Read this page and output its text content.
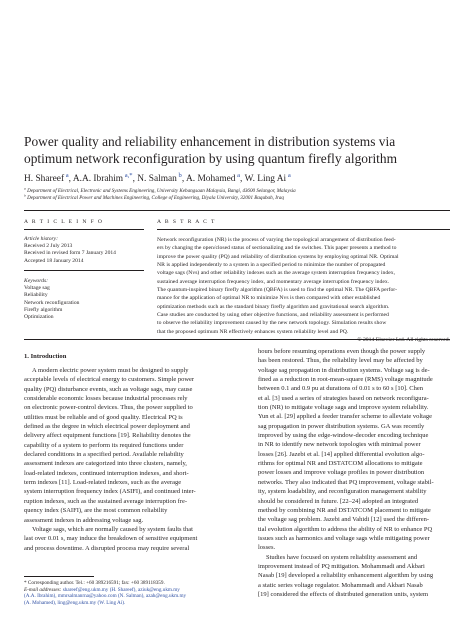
Power quality and reliability enhancement in distribution systems via
optimum network reconfiguration by using quantum firefly algorithm
H. Shareef $^a$, A.A. Ibrahim $^{a,*}$, N. Salman $^b$, A. Mohamed $^a$, W. Ling Ai $^a$
$^a$ Department of Electrical, Electronic and Systems Engineering, University Kebangsaan Malaysia, Bangi, 43600 Selangor, Malaysia
$^b$ Department of Electrical Power and Machines Engineering, College of Engineering, Diyala University, 32001 Baqubah, Iraq
A R T I C L E I N F O	A B S T R A C T
Article history:
Received 2 July 2013
Received in revised form 7 January 2014
Accepted 18 January 2014
Keywords:
Voltage sag
Reliability
Network reconfiguration
Firefly algorithm
Optimization
Network reconfiguration (NR) is the process of varying the topological arrangement of distribution feed-
ers by changing the open/closed status of sectionalizing and tie switches. This paper presents a method to
improve the power quality (PQ) and reliability of distribution systems by employing optimal NR. Optimal
NR is applied independently to a system in a specified period to minimize the number of propagated
voltage sags (Nvs) and other reliability indexes such as the average system interruption frequency index,
sustained average interruption frequency index, and momentary average interruption frequency index.
The quantum-inspired binary firefly algorithm (QBFA) is used to find the optimal NR. The QBFA perfor-
mance for the application of optimal NR to minimize Nvs is then compared with other established
optimization methods such as the standard binary firefly algorithm and gravitational search algorithm.
Case studies are conducted by using other objective functions, and reliability assessment is performed
to observe the reliability improvement caused by the new network topology. Simulation results show
that the proposed optimum NR effectively enhances system reliability level and PQ.
© 2014 Elsevier Ltd. All rights reserved.
1. Introduction
A modern electric power system must be designed to supply
acceptable levels of electrical energy to customers. Simple power
quality (PQ) disturbance events, such as voltage sags, may cause
considerable economic losses because industrial processes rely
on electronic power-control devices. Thus, the power supplied to
utilities must be reliable and of good quality. Electrical PQ is
defined as the degree in which electrical power deployment and
delivery affect equipment functions [19]. Reliability denotes the
capability of a system to perform its required functions under
declared conditions in a specified period. Available reliability
assessment indexes are categorized into three clusters, namely,
load-related indexes, continued interruption indexes, and short-
term indexes [11]. Load-related indexes, such as the average
system interruption frequency index (ASIFI), and continued inter-
ruption indexes, such as the sustained average interruption fre-
quency index (SAIFI), are the most common reliability
assessment indexes in addressing voltage sag.
Voltage sags, which are normally caused by system faults that
last over 0.01 s, may induce the breakdown of sensitive equipment
and process downtime. A disrupted process may require several
hours before resuming operations even though the power supply
has been restored. Thus, the reliability level may be affected by
voltage sag propagation in distribution systems. Voltage sag is de-
fined as a reduction in root-mean-square (RMS) voltage magnitude
between 0.1 and 0.9 pu at durations of 0.01 s to 60 s [10]. Chen
et al. [3] used a series of strategies based on network reconfigura-
tion (NR) to mitigate voltage sags and improve system reliability.
Yun et al. [29] applied a feeder transfer scheme to alleviate voltage
sag propagation in power distribution systems. GA was recently
improved by using the edge-window-decoder encoding technique
in NR to identify new network topologies with minimal power
losses [26]. Jazebi et al. [14] applied differential evolution algo-
rithms for optimal NR and DSTATCOM allocations to mitigate
power losses and improve voltage profiles in power distribution
networks. They also indicated that PQ improvement, voltage stabil-
ity, system loadability, and reconfiguration management stability
should be considered in future. [22–24] adopted an integrated
method by combining NR and DSTATCOM placement to mitigate
the voltage sag problem. Jazebi and Vahidi [12] used the differen-
tial evolution algorithm to address the ability of NR to enhance PQ
issues such as harmonics and voltage sags while mitigating power
losses.
Studies have focused on system reliability assessment and
improvement instead of PQ mitigation. Mohammadi and Akbari
Nasab [19] developed a reliability enhancement algorithm by using
a static series voltage regulator. Mohammadi and Akbari Nasab
[19] considered the effects of distributed generation units, system
* Corresponding author. Tel.: +60 389216591; fax: +60 389118359.
E-mail addresses: shareef@eng.ukm.my (H. Shareef), aziuk@eng.ukm.my
(A.A. Ibrahim), mmrsalmanrna@yahoo.com (N. Salman), azah@eng.ukm.my
(A. Mohamed), ling@eng.ukm.my (W. Ling Ai).
